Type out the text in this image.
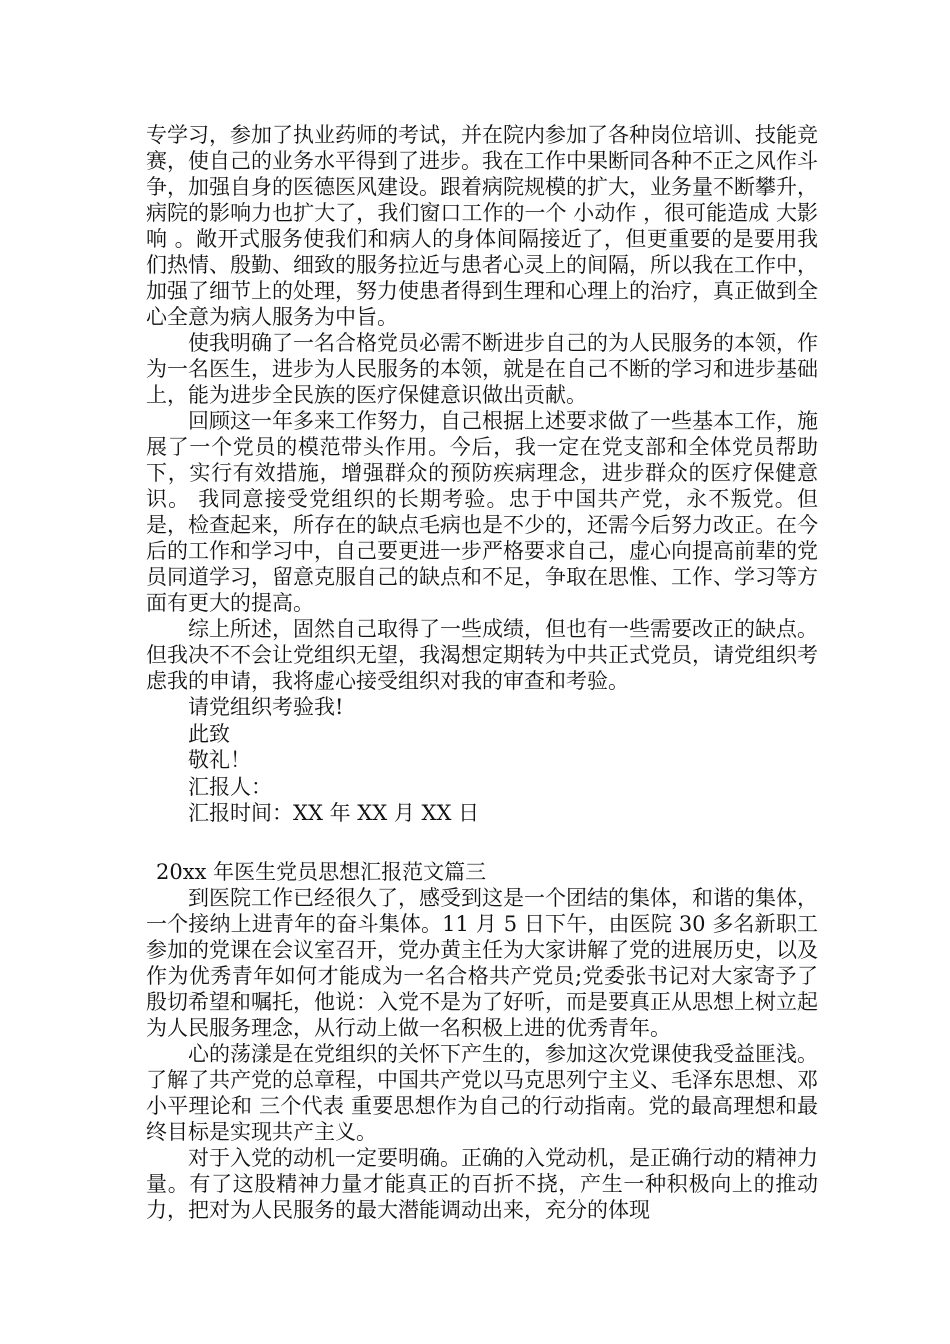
专学习，参加了执业药师的考试，并在院内参加了各种岗位培训、技能竞赛，使自己的业务水平得到了进步。我在工作中果断同各种不正之风作斗争，加强自身的医德医风建设。跟着病院规模的扩大，业务量不断攀升，病院的影响力也扩大了，我们窗口工作的一个 小动作 ，很可能造成 大影响 。敞开式服务使我们和病人的身体间隔接近了，但更重要的是要用我们热情、殷勤、细致的服务拉近与患者心灵上的间隔，所以我在工作中，加强了细节上的处理，努力使患者得到生理和心理上的治疗，真正做到全心全意为病人服务为中旨。

使我明确了一名合格党员必需不断进步自己的为人民服务的本领，作为一名医生，进步为人民服务的本领，就是在自己不断的学习和进步基础上，能为进步全民族的医疗保健意识做出贡献。

回顾这一年多来工作努力，自己根据上述要求做了一些基本工作，施展了一个党员的模范带头作用。今后，我一定在党支部和全体党员帮助下，实行有效措施，增强群众的预防疾病理念，进步群众的医疗保健意识。 我同意接受党组织的长期考验。忠于中国共产党，永不叛党。但是，检查起来，所存在的缺点毛病也是不少的，还需今后努力改正。在今后的工作和学习中，自己要更进一步严格要求自己，虚心向提高前辈的党员同道学习，留意克服自己的缺点和不足，争取在思惟、工作、学习等方面有更大的提高。

综上所述，固然自己取得了一些成绩，但也有一些需要改正的缺点。但我决不不会让党组织无望，我渴想定期转为中共正式党员，请党组织考虑我的申请，我将虚心接受组织对我的审查和考验。

请党组织考验我!

此致

敬礼！

汇报人：

汇报时间：XX 年 XX 月 XX 日

20xx 年医生党员思想汇报范文篇三

到医院工作已经很久了，感受到这是一个团结的集体，和谐的集体，一个接纳上进青年的奋斗集体。11 月 5 日下午，由医院 30 多名新职工参加的党课在会议室召开，党办黄主任为大家讲解了党的进展历史，以及作为优秀青年如何才能成为一名合格共产党员;党委张书记对大家寄予了殷切希望和嘱托，他说：入党不是为了好听，而是要真正从思想上树立起为人民服务理念，从行动上做一名积极上进的优秀青年。

心的荡漾是在党组织的关怀下产生的，参加这次党课使我受益匪浅。了解了共产党的总章程，中国共产党以马克思列宁主义、毛泽东思想、邓小平理论和 三个代表 重要思想作为自己的行动指南。党的最高理想和最终目标是实现共产主义。

对于入党的动机一定要明确。正确的入党动机，是正确行动的精神力量。有了这股精神力量才能真正的百折不挠，产生一种积极向上的推动力，把对为人民服务的最大潜能调动出来，充分的体现
